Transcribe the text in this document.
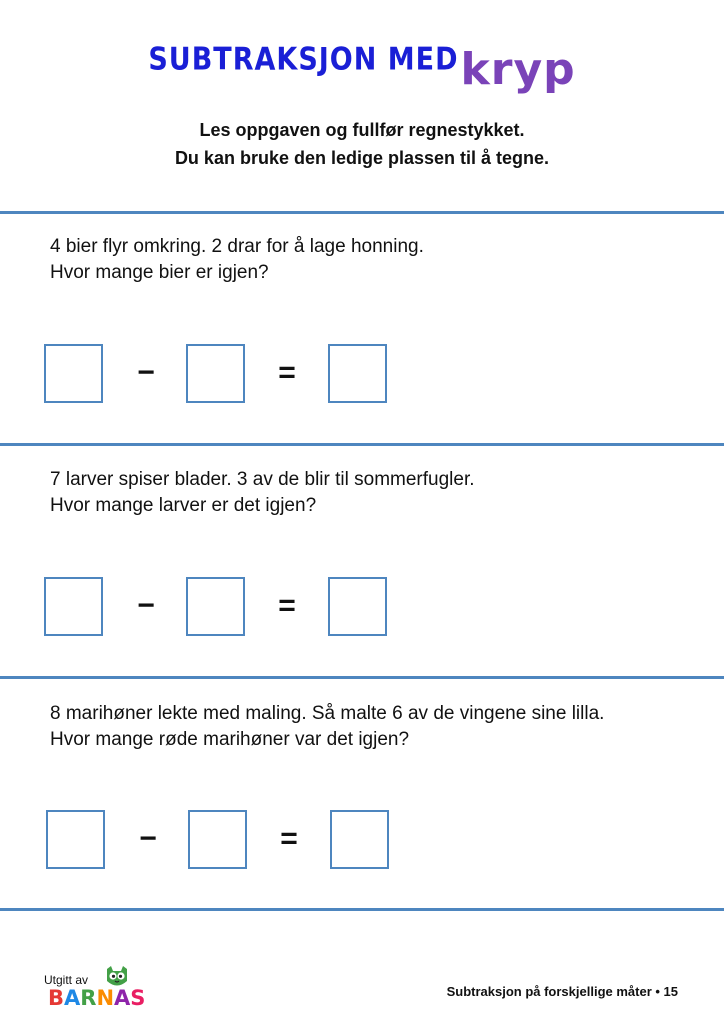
SUBTRAKSJON MEDkryp
Les oppgaven og fullfør regnestykket.
Du kan bruke den ledige plassen til å tegne.
4 bier flyr omkring. 2 drar for å lage honning.
Hvor mange bier er igjen?
−	=
7 larver spiser blader. 3 av de blir til sommerfugler.
Hvor mange larver er det igjen?
−	=
8 marihøner lekte med maling. Så malte 6 av de vingene sine lilla.
Hvor mange røde marihøner var det igjen?
−	=
Utgitt av
BARNAS	Subtraksjon på forskjellige måter • 15
